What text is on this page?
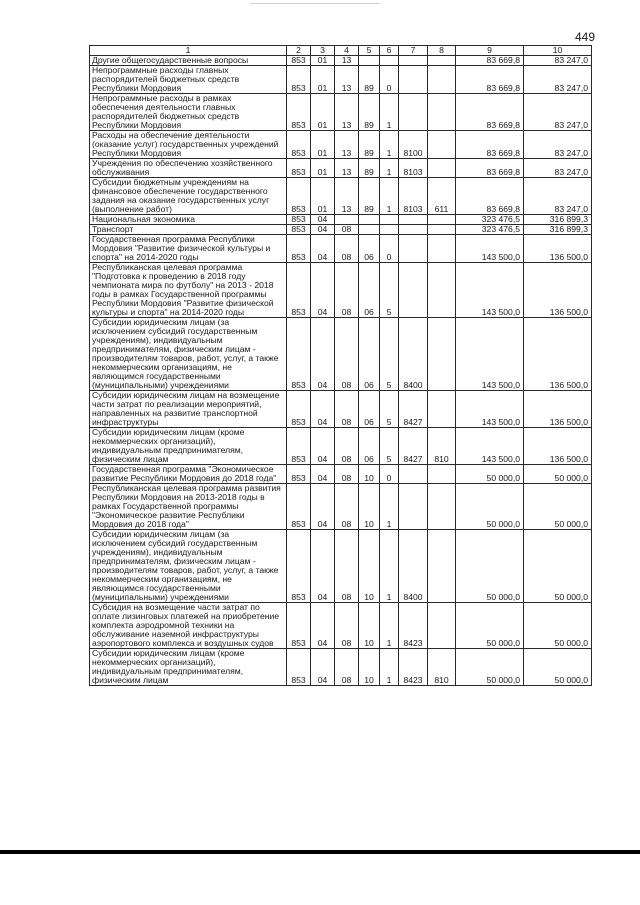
449
1	2	3	4	5	6	7	8	9	10
Другие общегосударственные вопросы	853	01	13					83 669,8	83 247,0
Непрограммные расходы главных распорядителей бюджетных средств Республики Мордовия	853	01	13	89	0			83 669,8	83 247,0
Непрограммные расходы в рамках обеспечения деятельности главных распорядителей бюджетных средств Республики Мордовия	853	01	13	89	1			83 669,8	83 247,0
Расходы на обеспечение деятельности (оказание услуг) государственных учреждений Республики Мордовия	853	01	13	89	1	8100		83 669,8	83 247,0
Учреждения по обеспечению хозяйственного обслуживания	853	01	13	89	1	8103		83 669,8	83 247,0
Субсидии бюджетным учреждениям на финансовое обеспечение государственного задания на оказание государственных услуг (выполнение работ)	853	01	13	89	1	8103	611	83 669,8	83 247,0
Национальная экономика	853	04						323 476,5	316 899,3
Транспорт	853	04	08					323 476,5	316 899,3
Государственная программа Республики Мордовия "Развитие физической культуры и спорта" на 2014-2020 годы	853	04	08	06	0			143 500,0	136 500,0
Республиканская целевая программа "Подготовка к проведению в 2018 году чемпионата мира по футболу" на 2013 - 2018 годы в рамках Государственной программы Республики Мордовия "Развитие физической культуры и спорта" на 2014-2020 годы	853	04	08	06	5			143 500,0	136 500,0
Субсидии юридическим лицам (за исключением субсидий государственным учреждениям), индивидуальным предпринимателям, физическим лицам - производителям товаров, работ, услуг, а также некоммерческим организациям, не являющимся государственными (муниципальными) учреждениями	853	04	08	06	5	8400		143 500,0	136 500,0
Субсидии юридическим лицам на возмещение части затрат по реализации мероприятий, направленных на развитие транспортной инфраструктуры	853	04	08	06	5	8427		143 500,0	136 500,0
Субсидии юридическим лицам (кроме некоммерческих организаций), индивидуальным предпринимателям, физическим лицам	853	04	08	06	5	8427	810	143 500,0	136 500,0
Государственная программа "Экономическое развитие Республики Мордовия до 2018 года"	853	04	08	10	0			50 000,0	50 000,0
Республиканская целевая программа развития Республики Мордовия на 2013-2018 годы в рамках Государственной программы "Экономическое развитие Республики Мордовия до 2018 года"	853	04	08	10	1			50 000,0	50 000,0
Субсидии юридическим лицам (за исключением субсидий государственным учреждениям), индивидуальным предпринимателям, физическим лицам - производителям товаров, работ, услуг, а также некоммерческим организациям, не являющимся государственными (муниципальными) учреждениями	853	04	08	10	1	8400		50 000,0	50 000,0
Субсидия на возмещение части затрат по оплате лизинговых платежей на приобретение комплекта аэродромной техники на обслуживание наземной инфраструктуры аэропортового комплекса и воздушных судов	853	04	08	10	1	8423		50 000,0	50 000,0
Субсидии юридическим лицам (кроме некоммерческих организаций), индивидуальным предпринимателям, физическим лицам	853	04	08	10	1	8423	810	50 000,0	50 000,0
